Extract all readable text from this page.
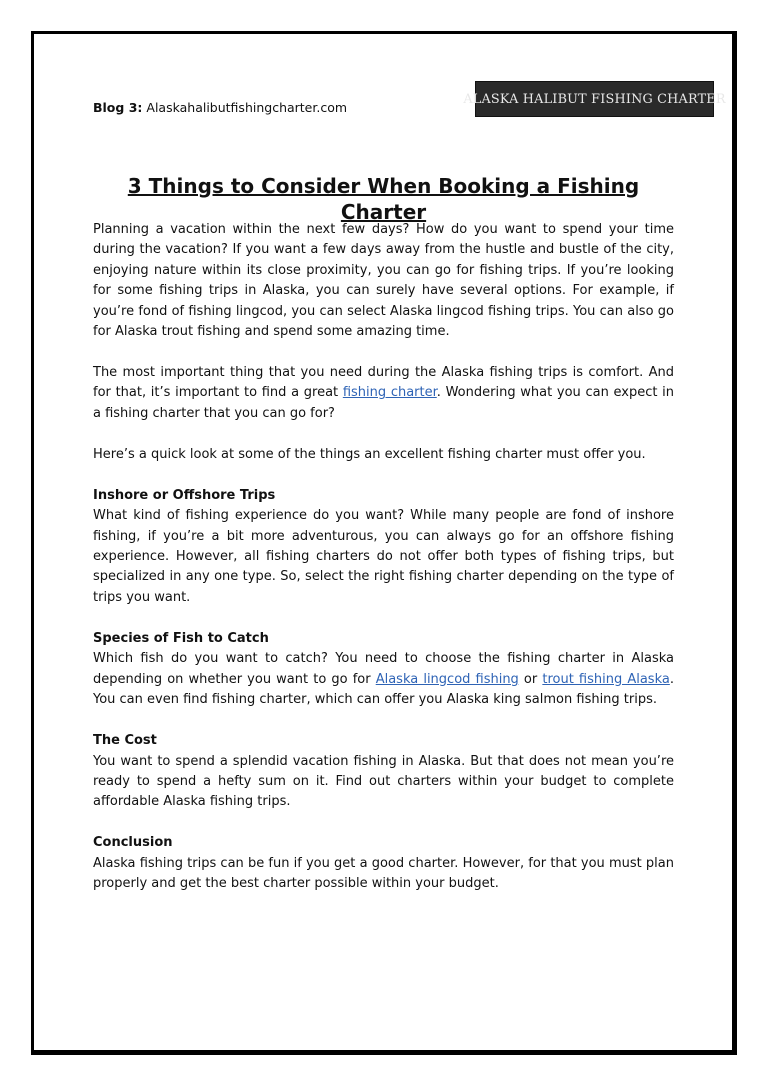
Blog 3: Alaskahalibutfishingcharter.com
ALASKA HALIBUT FISHING CHARTER
3 Things to Consider When Booking a Fishing Charter

Planning a vacation within the next few days? How do you want to spend your time during the vacation? If you want a few days away from the hustle and bustle of the city, enjoying nature within its close proximity, you can go for fishing trips. If you’re looking for some fishing trips in Alaska, you can surely have several options. For example, if you’re fond of fishing lingcod, you can select Alaska lingcod fishing trips. You can also go for Alaska trout fishing and spend some amazing time.

The most important thing that you need during the Alaska fishing trips is comfort. And for that, it’s important to find a great fishing charter. Wondering what you can expect in a fishing charter that you can go for?

Here’s a quick look at some of the things an excellent fishing charter must offer you.

Inshore or Offshore Trips
What kind of fishing experience do you want? While many people are fond of inshore fishing, if you’re a bit more adventurous, you can always go for an offshore fishing experience. However, all fishing charters do not offer both types of fishing trips, but specialized in any one type. So, select the right fishing charter depending on the type of trips you want.

Species of Fish to Catch
Which fish do you want to catch? You need to choose the fishing charter in Alaska depending on whether you want to go for Alaska lingcod fishing or trout fishing Alaska. You can even find fishing charter, which can offer you Alaska king salmon fishing trips.

The Cost
You want to spend a splendid vacation fishing in Alaska. But that does not mean you’re ready to spend a hefty sum on it. Find out charters within your budget to complete affordable Alaska fishing trips.

Conclusion
Alaska fishing trips can be fun if you get a good charter. However, for that you must plan properly and get the best charter possible within your budget.
